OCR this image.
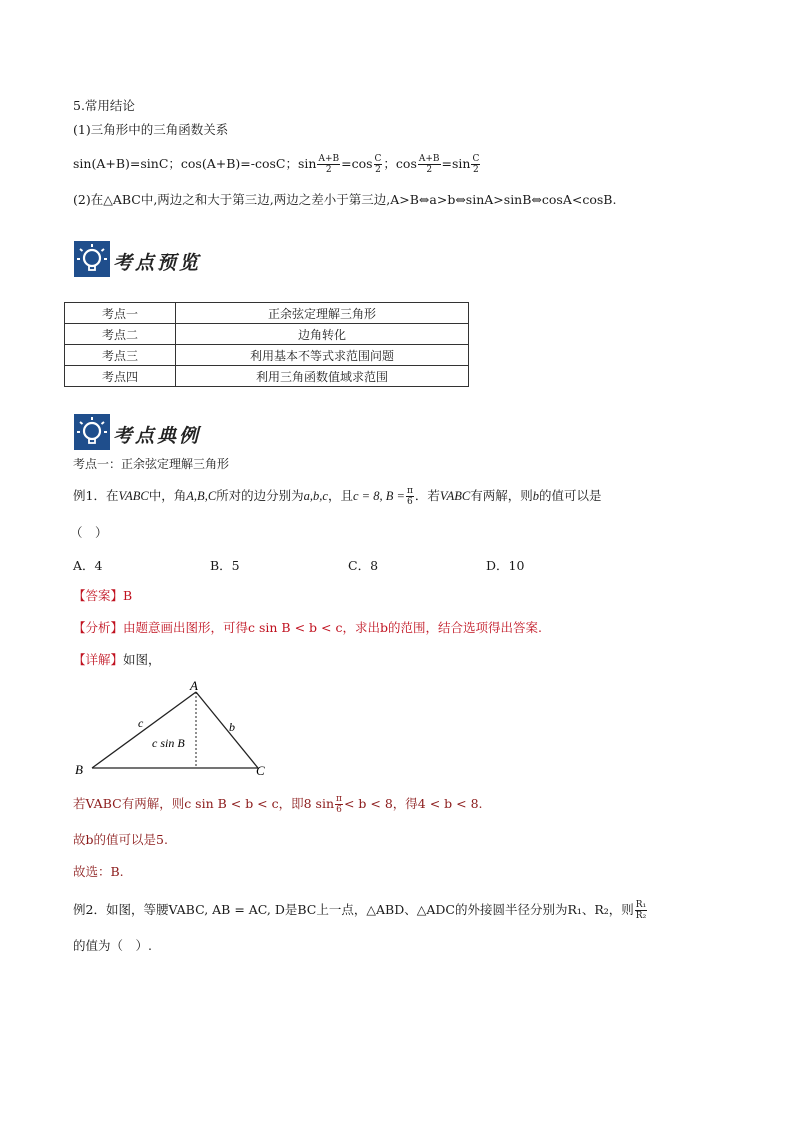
5.常用结论
(1)三角形中的三角函数关系
sin(A+B)=sinC；cos(A+B)=-cosC；$\sin \frac{A+B}{2} =\cos \frac{C}{2}$ ；$\cos \frac{A+B}{2} =\sin \frac{C}{2}$
(2)在△ABC中,两边之和大于第三边,两边之差小于第三边,A>B⇔a>b⇔sinA>sinB⇔cosA<cosB.
考点预览
考点一	正余弦定理解三角形
考点二	边角转化
考点三	利用基本不等式求范围问题
考点四	利用三角函数值域求范围
考点典例
考点一：正余弦定理解三角形
例1．在VABC中，角A,B,C所对的边分别为a,b,c，且c = 8, $B = \frac{\pi}{6}$ ．若VABC有两解，则b的值可以是
（　）
A．4	B．5	C．8	D．10
【答案】B
【分析】由题意画出图形，可得c sin B < b < c，求出b的范围，结合选项得出答案.
【详解】如图，
A
B	C
c	b
c sin B
若VABC有两解，则c sin B < b < c，即8 $\sin \frac{\pi}{6} < b < 8$，得4 < b < 8.
故b的值可以是5.
故选：B.
例2．如图，等腰VABC, AB = AC, D是BC上一点，△ABD、△ADC的外接圆半径分别为R₁、R₂，则 $\frac{\text{R₁}}{\text{R₂}}$
的值为（　）.
